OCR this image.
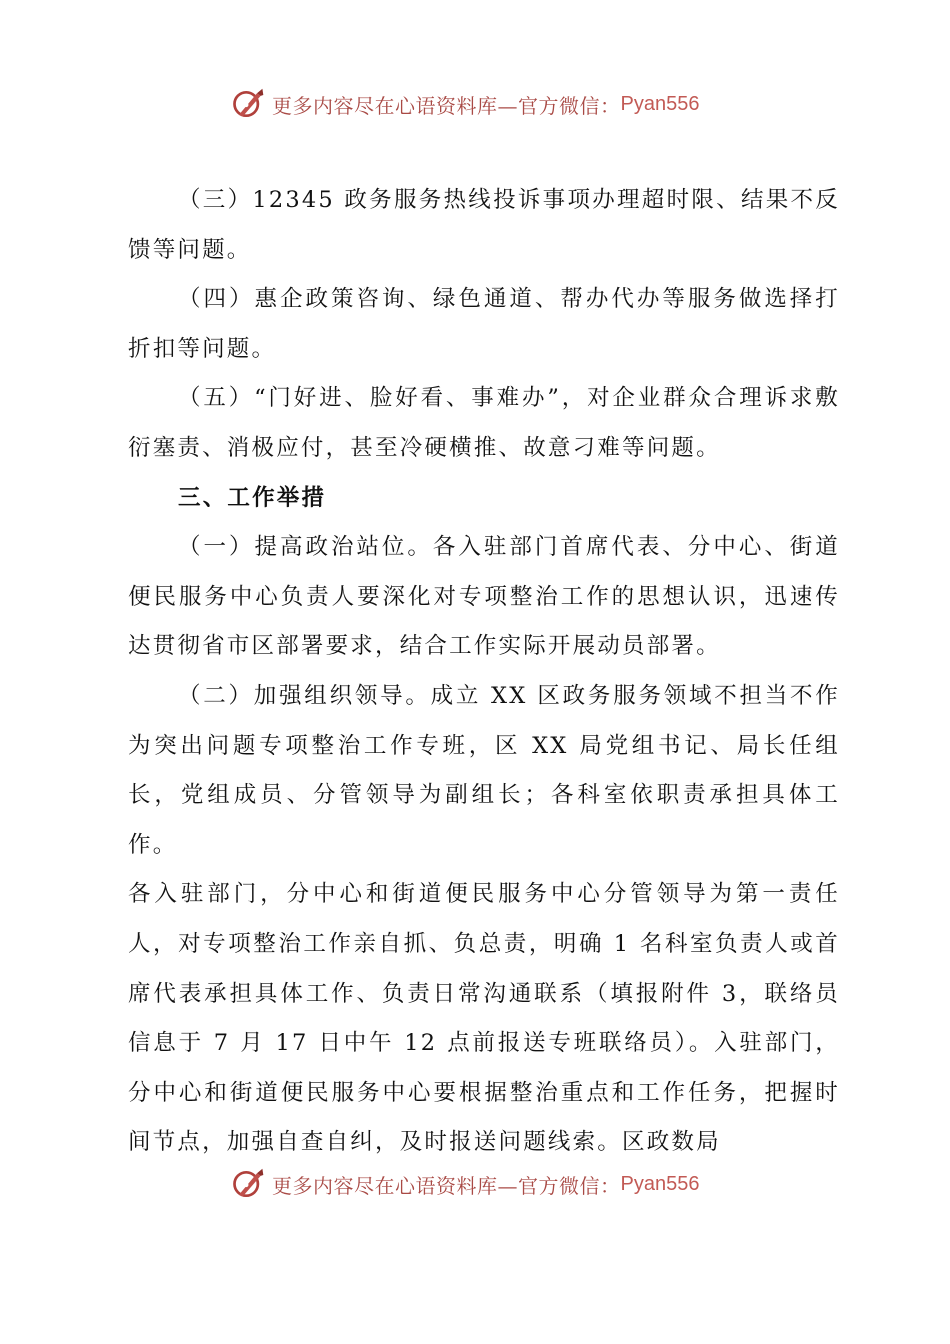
更多内容尽在心语资料库—官方微信： Pyan556

（三）12345 政务服务热线投诉事项办理超时限、结果不反馈等问题。

（四）惠企政策咨询、绿色通道、帮办代办等服务做选择打折扣等问题。

（五）“门好进、脸好看、事难办”，对企业群众合理诉求敷衍塞责、消极应付，甚至冷硬横推、故意刁难等问题。

三、工作举措

（一）提高政治站位。各入驻部门首席代表、分中心、街道便民服务中心负责人要深化对专项整治工作的思想认识，迅速传达贯彻省市区部署要求，结合工作实际开展动员部署。

（二）加强组织领导。成立 XX 区政务服务领域不担当不作为突出问题专项整治工作专班，区 XX 局党组书记、局长任组长，党组成员、分管领导为副组长；各科室依职责承担具体工作。

各入驻部门，分中心和街道便民服务中心分管领导为第一责任人，对专项整治工作亲自抓、负总责，明确 1 名科室负责人或首席代表承担具体工作、负责日常沟通联系（填报附件 3，联络员信息于 7 月 17 日中午 12 点前报送专班联络员）。入驻部门，分中心和街道便民服务中心要根据整治重点和工作任务，把握时间节点，加强自查自纠，及时报送问题线索。区政数局

更多内容尽在心语资料库—官方微信： Pyan556
